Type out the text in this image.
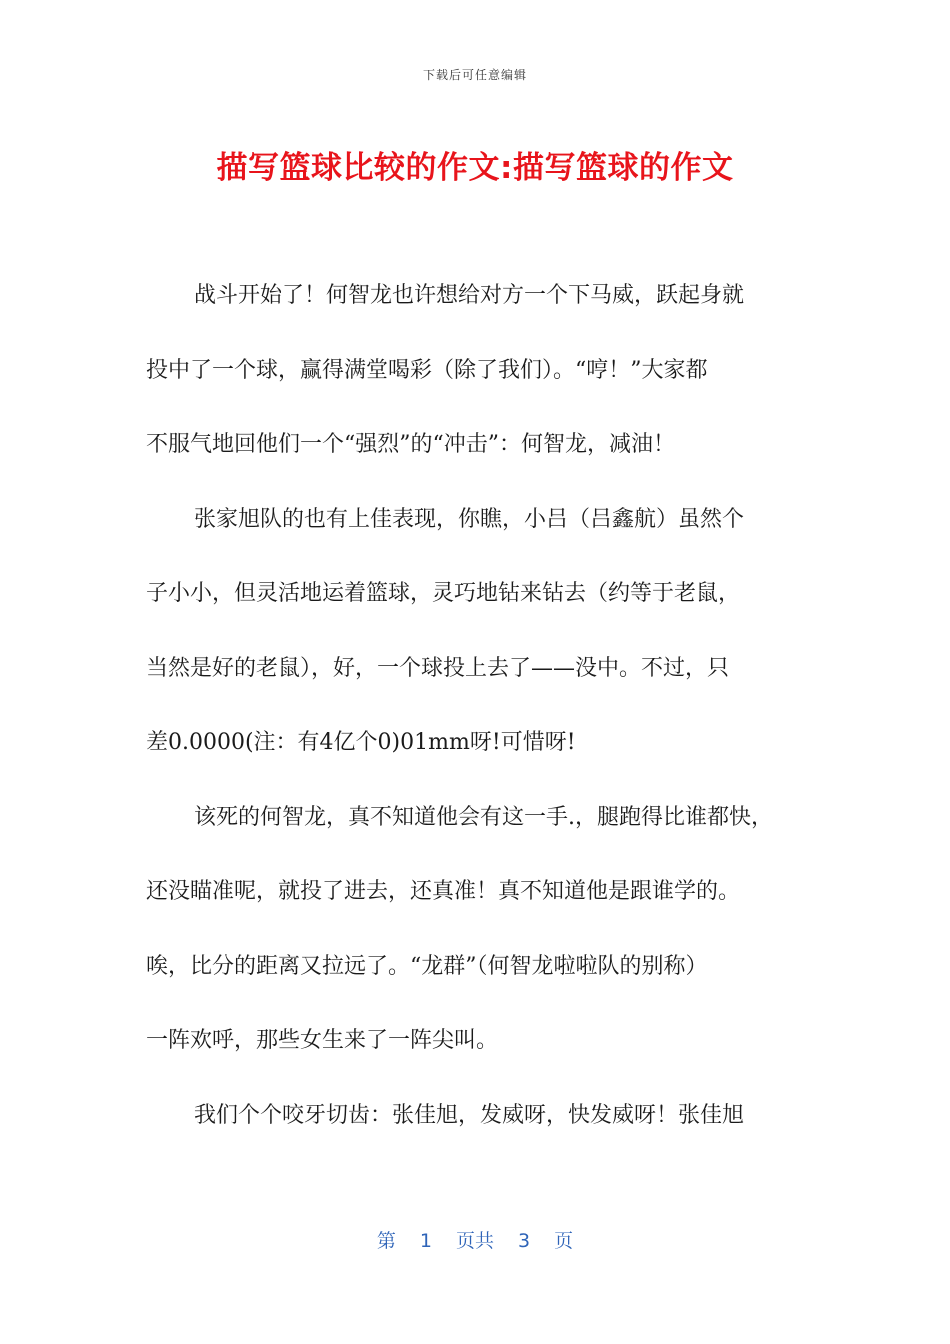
下载后可任意编辑
描写篮球比较的作文:描写篮球的作文
战斗开始了！何智龙也许想给对方一个下马威，跃起身就
投中了一个球，赢得满堂喝彩（除了我们）。“哼！”大家都
不服气地回他们一个“强烈”的“冲击”：何智龙，减油！
张家旭队的也有上佳表现，你瞧，小吕（吕鑫航）虽然个
子小小，但灵活地运着篮球，灵巧地钻来钻去（约等于老鼠，
当然是好的老鼠），好，一个球投上去了——没中。不过，只
差0.0000(注：有4亿个0)01mm呀!可惜呀!
该死的何智龙，真不知道他会有这一手.，腿跑得比谁都快，
还没瞄准呢，就投了进去，还真准！真不知道他是跟谁学的。
唉，比分的距离又拉远了。“龙群”（何智龙啦啦队的别称）
一阵欢呼，那些女生来了一阵尖叫。
我们个个咬牙切齿：张佳旭，发威呀，快发威呀！张佳旭
第 1 页共 3 页
